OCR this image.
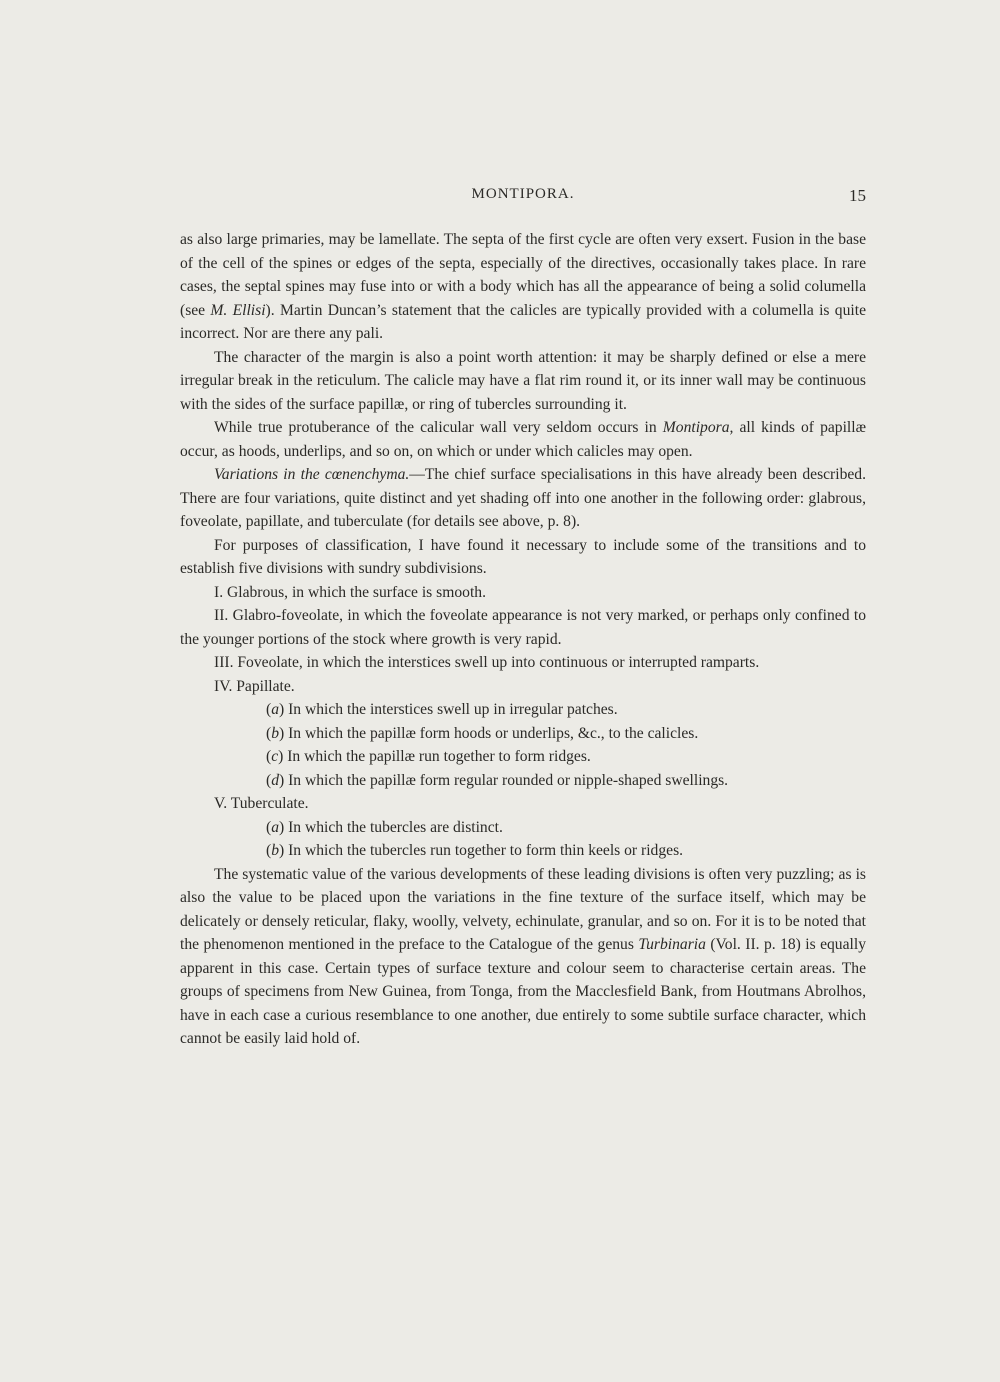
MONTIPORA.	15

as also large primaries, may be lamellate. The septa of the first cycle are often very exsert. Fusion in the base of the cell of the spines or edges of the septa, especially of the directives, occasionally takes place. In rare cases, the septal spines may fuse into or with a body which has all the appearance of being a solid columella (see M. Ellisi). Martin Duncan’s statement that the calicles are typically provided with a columella is quite incorrect. Nor are there any pali.

The character of the margin is also a point worth attention: it may be sharply defined or else a mere irregular break in the reticulum. The calicle may have a flat rim round it, or its inner wall may be continuous with the sides of the surface papillæ, or ring of tubercles surrounding it.

While true protuberance of the calicular wall very seldom occurs in Montipora, all kinds of papillæ occur, as hoods, underlips, and so on, on which or under which calicles may open.

Variations in the cœnenchyma.—The chief surface specialisations in this have already been described. There are four variations, quite distinct and yet shading off into one another in the following order: glabrous, foveolate, papillate, and tuberculate (for details see above, p. 8).

For purposes of classification, I have found it necessary to include some of the transitions and to establish five divisions with sundry subdivisions.

I. Glabrous, in which the surface is smooth.

II. Glabro-foveolate, in which the foveolate appearance is not very marked, or perhaps only confined to the younger portions of the stock where growth is very rapid.

III. Foveolate, in which the interstices swell up into continuous or interrupted ramparts.

IV. Papillate.

( a ) In which the interstices swell up in irregular patches.

( b ) In which the papillæ form hoods or underlips, &c., to the calicles.

( c ) In which the papillæ run together to form ridges.

( d ) In which the papillæ form regular rounded or nipple-shaped swellings.

V. Tuberculate.

( a ) In which the tubercles are distinct.

( b ) In which the tubercles run together to form thin keels or ridges.

The systematic value of the various developments of these leading divisions is often very puzzling; as is also the value to be placed upon the variations in the fine texture of the surface itself, which may be delicately or densely reticular, flaky, woolly, velvety, echinulate, granular, and so on. For it is to be noted that the phenomenon mentioned in the preface to the Catalogue of the genus Turbinaria (Vol. II. p. 18) is equally apparent in this case. Certain types of surface texture and colour seem to characterise certain areas. The groups of specimens from New Guinea, from Tonga, from the Macclesfield Bank, from Houtmans Abrolhos, have in each case a curious resemblance to one another, due entirely to some subtile surface character, which cannot be easily laid hold of.
